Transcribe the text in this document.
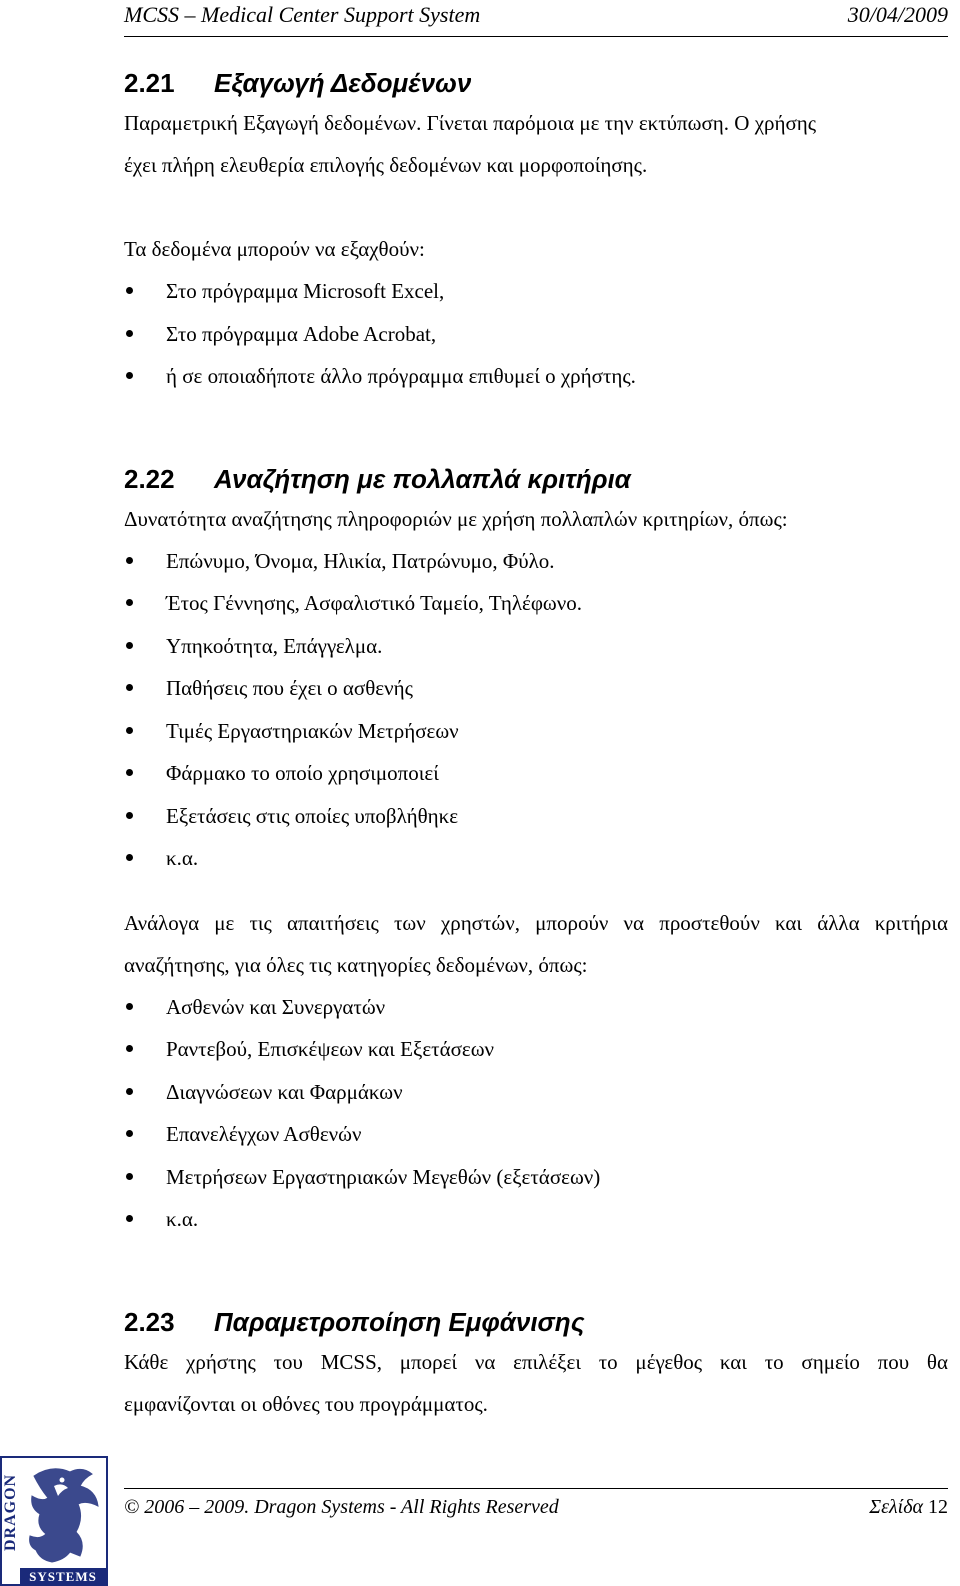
MCSS – Medical Center Support System	30/04/2009
2.21 Εξαγωγή Δεδομένων

Παραμετρική Εξαγωγή δεδομένων. Γίνεται παρόμοια με την εκτύπωση. Ο χρήσης

έχει πλήρη ελευθερία επιλογής δεδομένων και μορφοποίησης.

Τα δεδομένα μπορούν να εξαχθούν:

Στο πρόγραμμα Microsoft Excel,
Στο πρόγραμμα Adobe Acrobat,
ή σε οποιαδήποτε άλλο πρόγραμμα επιθυμεί ο χρήστης.
2.22 Αναζήτηση με πολλαπλά κριτήρια

Δυνατότητα αναζήτησης πληροφοριών με χρήση πολλαπλών κριτηρίων, όπως:

Επώνυμο, Όνομα, Ηλικία, Πατρώνυμο, Φύλο.
Έτος Γέννησης, Ασφαλιστικό Ταμείο, Τηλέφωνο.
Υπηκοότητα, Επάγγελμα.
Παθήσεις που έχει ο ασθενής
Τιμές Εργαστηριακών Μετρήσεων
Φάρμακο το οποίο χρησιμοποιεί
Εξετάσεις στις οποίες υποβλήθηκε
κ.α.

Ανάλογα με τις απαιτήσεις των χρηστών, μπορούν να προστεθούν και άλλα κριτήρια

αναζήτησης, για όλες τις κατηγορίες δεδομένων, όπως:

Ασθενών και Συνεργατών
Ραντεβού, Επισκέψεων και Εξετάσεων
Διαγνώσεων και Φαρμάκων
Επανελέγχων Ασθενών
Μετρήσεων Εργαστηριακών Μεγεθών (εξετάσεων)
κ.α.
2.23 Παραμετροποίηση Εμφάνισης

Κάθε χρήστης του MCSS, μπορεί να επιλέξει το μέγεθος και το σημείο που θα

εμφανίζονται οι οθόνες του προγράμματος.

DRAGON
SYSTEMS
© 2006 – 2009. Dragon Systems - All Rights Reserved	Σελίδα 12
